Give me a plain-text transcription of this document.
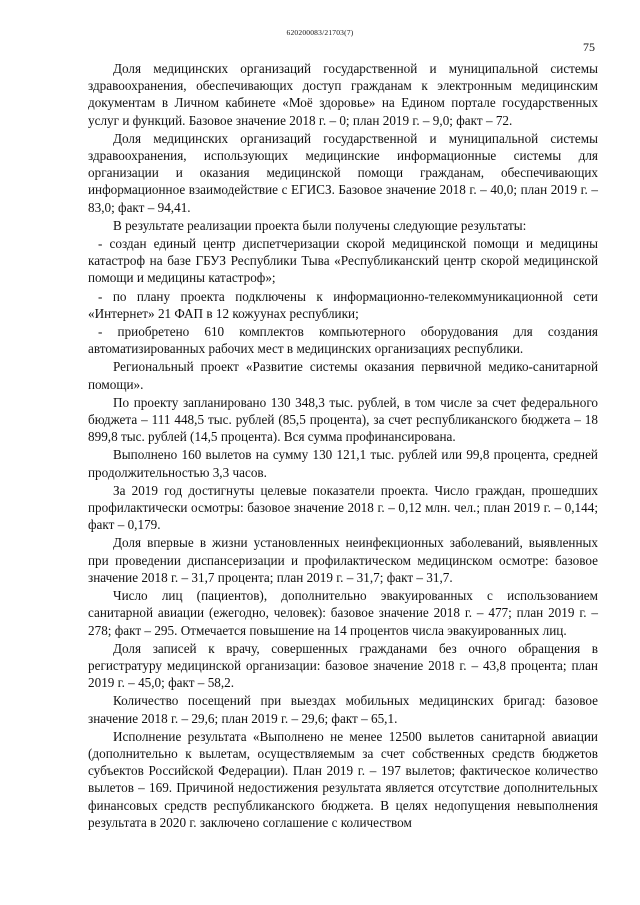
620200083/21703(7)
75

Доля медицинских организаций государственной и муниципальной системы здравоохранения, обеспечивающих доступ гражданам к электронным медицинским документам в Личном кабинете «Моё здоровье» на Едином портале государственных услуг и функций. Базовое значение 2018 г. – 0; план 2019 г. – 9,0; факт – 72.

Доля медицинских организаций государственной и муниципальной системы здравоохранения, использующих медицинские информационные системы для организации и оказания медицинской помощи гражданам, обеспечивающих информационное взаимодействие с ЕГИСЗ. Базовое значение 2018 г. – 40,0; план 2019 г. – 83,0; факт – 94,41.

В результате реализации проекта были получены следующие результаты:

- создан единый центр диспетчеризации скорой медицинской помощи и медицины катастроф на базе ГБУЗ Республики Тыва «Республиканский центр скорой медицинской помощи и медицины катастроф»;

- по плану проекта подключены к информационно-телекоммуникационной сети «Интернет» 21 ФАП в 12 кожуунах республики;

- приобретено 610 комплектов компьютерного оборудования для создания автоматизированных рабочих мест в медицинских организациях республики.

Региональный проект «Развитие системы оказания первичной медико-санитарной помощи».

По проекту запланировано 130 348,3 тыс. рублей, в том числе за счет федерального бюджета – 111 448,5 тыс. рублей (85,5 процента), за счет республиканского бюджета – 18 899,8 тыс. рублей (14,5 процента). Вся сумма профинансирована.

Выполнено 160 вылетов на сумму 130 121,1 тыс. рублей или 99,8 процента, средней продолжительностью 3,3 часов.

За 2019 год достигнуты целевые показатели проекта. Число граждан, прошедших профилактически осмотры: базовое значение 2018 г. – 0,12 млн. чел.; план 2019 г. – 0,144; факт – 0,179.

Доля впервые в жизни установленных неинфекционных заболеваний, выявленных при проведении диспансеризации и профилактическом медицинском осмотре: базовое значение 2018 г. – 31,7 процента; план 2019 г. – 31,7; факт – 31,7.

Число лиц (пациентов), дополнительно эвакуированных с использованием санитарной авиации (ежегодно, человек): базовое значение 2018 г. – 477; план 2019 г. – 278; факт – 295. Отмечается повышение на 14 процентов числа эвакуированных лиц.

Доля записей к врачу, совершенных гражданами без очного обращения в регистратуру медицинской организации: базовое значение 2018 г. – 43,8 процента; план 2019 г. – 45,0; факт – 58,2.

Количество посещений при выездах мобильных медицинских бригад: базовое значение 2018 г. – 29,6; план 2019 г. – 29,6; факт – 65,1.

Исполнение результата «Выполнено не менее 12500 вылетов санитарной авиации (дополнительно к вылетам, осуществляемым за счет собственных средств бюджетов субъектов Российской Федерации). План 2019 г. – 197 вылетов; фактическое количество вылетов – 169. Причиной недостижения результата является отсутствие дополнительных финансовых средств республиканского бюджета. В целях недопущения невыполнения результата в 2020 г. заключено соглашение с количеством
